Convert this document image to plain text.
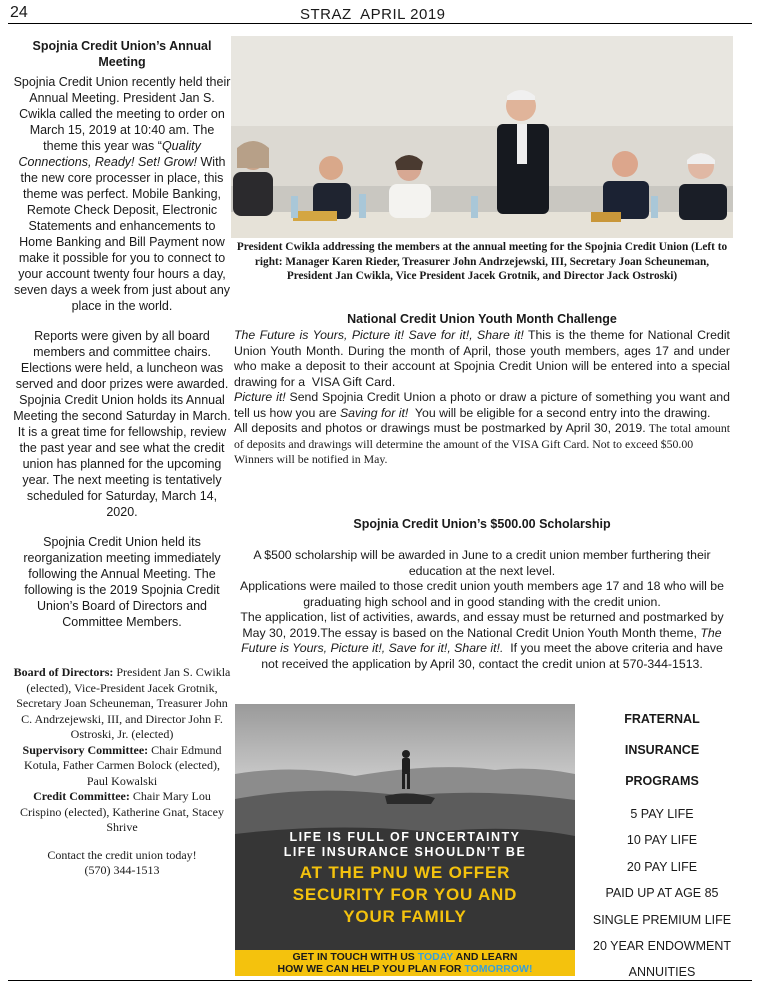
24	STRAZ  APRIL 2019
Spojnia Credit Union’s Annual Meeting

Spojnia Credit Union recently held their Annual Meeting. President Jan S. Cwikla called the meeting to order on March 15, 2019 at 10:40 am. The theme this year was “Quality Connections, Ready! Set! Grow! With the new core processer in place, this theme was perfect. Mobile Banking, Remote Check Deposit, Electronic Statements and enhancements to Home Banking and Bill Payment now make it possible for you to connect to your account twenty four hours a day, seven days a week from just about any place in the world.

Reports were given by all board members and committee chairs. Elections were held, a luncheon was served and door prizes were awarded. Spojnia Credit Union holds its Annual Meeting the second Saturday in March. It is a great time for fellowship, review the past year and see what the credit union has planned for the upcoming year. The next meeting is tentatively scheduled for Saturday, March 14, 2020.

Spojnia Credit Union held its reorganization meeting immediately following the Annual Meeting. The following is the 2019 Spojnia Credit Union’s Board of Directors and Committee Members.

Board of Directors: President Jan S. Cwikla (elected), Vice-President Jacek Grotnik, Secretary Joan Scheuneman, Treasurer John C. Andrzejewski, III, and Director John F. Ostroski, Jr. (elected)

Supervisory Committee: Chair Edmund Kotula, Father Carmen Bolock (elected), Paul Kowalski

Credit Committee: Chair Mary Lou Crispino (elected), Katherine Gnat, Stacey Shrive

Contact the credit union today!

(570) 344-1513

President Cwikla addressing the members at the annual meeting for the Spojnia Credit Union (Left to right: Manager Karen Rieder, Treasurer John Andrzejewski, III, Secretary Joan Scheuneman, President Jan Cwikla, Vice President Jacek Grotnik, and Director Jack Ostroski)
National Credit Union Youth Month Challenge

The Future is Yours, Picture it! Save for it!, Share it! This is the theme for National Credit    Union Youth Month. During the month of April, those youth members, ages 17 and under who make a deposit to their account at Spojnia Credit Union will be entered into a special drawing for a  VISA Gift Card.

Picture it! Send Spojnia Credit Union a photo or draw a picture of something you want and tell us how you are Saving for it!  You will be eligible for a second entry into the drawing.

All deposits and photos or drawings must be postmarked by April 30, 2019. The total amount of deposits and drawings will determine the amount of the VISA Gift Card. Not to exceed $50.00

Winners will be notified in May.

Spojnia Credit Union’s $500.00 Scholarship

A $500 scholarship will be awarded in June to a credit union member furthering their education at the next level.

Applications were mailed to those credit union youth members age 17 and 18 who will be graduating high school and in good standing with the credit union.

The application, list of activities, awards, and essay must be returned and postmarked by May 30, 2019.The essay is based on the National Credit Union Youth Month theme, The Future is Yours, Picture it!, Save for it!, Share it!.  If you meet the above criteria and have not received the application by April 30, contact the credit union at 570-344-1513.

LIFE IS FULL OF UNCERTAINTY
LIFE INSURANCE SHOULDN’T BE
AT THE PNU WE OFFER
SECURITY FOR YOU AND
YOUR FAMILY
GET IN TOUCH WITH US TODAY AND LEARN
HOW WE CAN HELP YOU PLAN FOR TOMORROW!
FRATERNAL
INSURANCE
PROGRAMS
5 PAY LIFE
10 PAY LIFE
20 PAY LIFE
PAID UP AT AGE 85
SINGLE PREMIUM LIFE
20 YEAR ENDOWMENT
ANNUITIES
